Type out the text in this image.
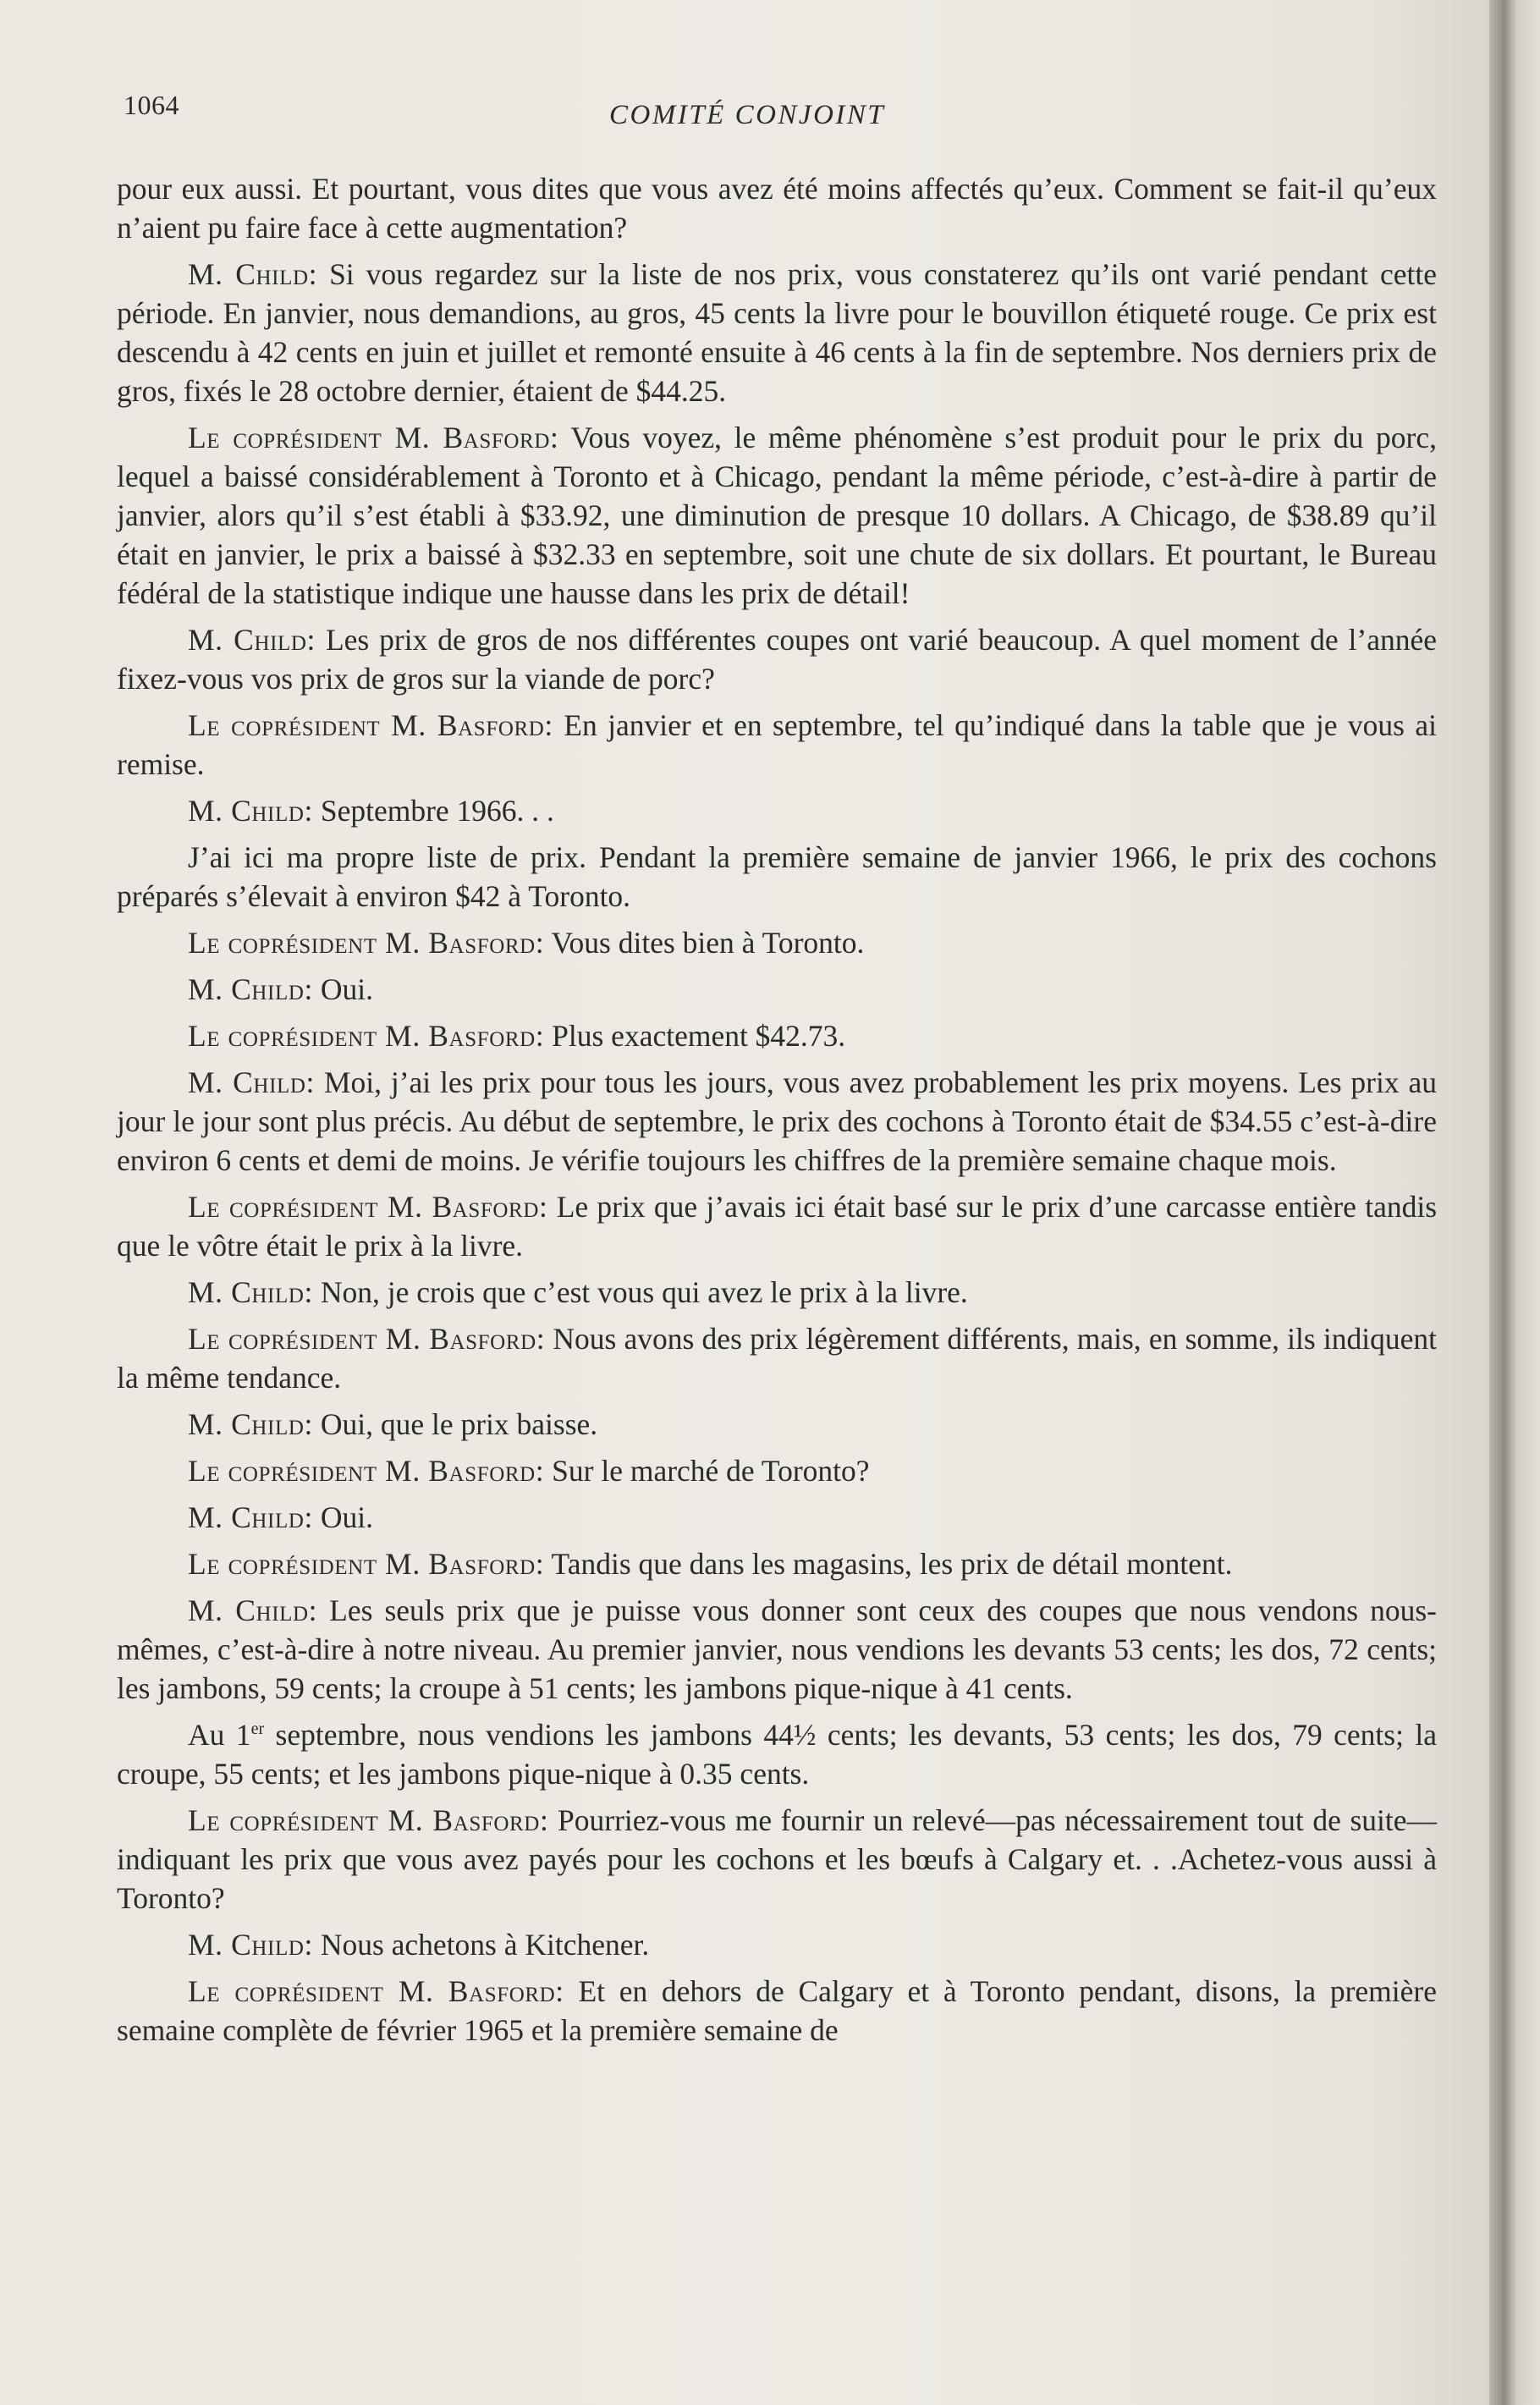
1064	COMITÉ CONJOINT

pour eux aussi. Et pourtant, vous dites que vous avez été moins affectés qu’eux. Comment se fait-il qu’eux n’aient pu faire face à cette augmentation?

M. Child: Si vous regardez sur la liste de nos prix, vous constaterez qu’ils ont varié pendant cette période. En janvier, nous demandions, au gros, 45 cents la livre pour le bouvillon étiqueté rouge. Ce prix est descendu à 42 cents en juin et juillet et remonté ensuite à 46 cents à la fin de septembre. Nos derniers prix de gros, fixés le 28 octobre dernier, étaient de $44.25.

Le coprésident M. Basford: Vous voyez, le même phénomène s’est produit pour le prix du porc, lequel a baissé considérablement à Toronto et à Chicago, pendant la même période, c’est-à-dire à partir de janvier, alors qu’il s’est établi à $33.92, une diminution de presque 10 dollars. A Chicago, de $38.89 qu’il était en janvier, le prix a baissé à $32.33 en septembre, soit une chute de six dollars. Et pourtant, le Bureau fédéral de la statistique indique une hausse dans les prix de détail!

M. Child: Les prix de gros de nos différentes coupes ont varié beaucoup. A quel moment de l’année fixez-vous vos prix de gros sur la viande de porc?

Le coprésident M. Basford: En janvier et en septembre, tel qu’indiqué dans la table que je vous ai remise.

M. Child: Septembre 1966. . .

J’ai ici ma propre liste de prix. Pendant la première semaine de janvier 1966, le prix des cochons préparés s’élevait à environ $42 à Toronto.

Le coprésident M. Basford: Vous dites bien à Toronto.

M. Child: Oui.

Le coprésident M. Basford: Plus exactement $42.73.

M. Child: Moi, j’ai les prix pour tous les jours, vous avez probablement les prix moyens. Les prix au jour le jour sont plus précis. Au début de septembre, le prix des cochons à Toronto était de $34.55 c’est-à-dire environ 6 cents et demi de moins. Je vérifie toujours les chiffres de la première semaine chaque mois.

Le coprésident M. Basford: Le prix que j’avais ici était basé sur le prix d’une carcasse entière tandis que le vôtre était le prix à la livre.

M. Child: Non, je crois que c’est vous qui avez le prix à la livre.

Le coprésident M. Basford: Nous avons des prix légèrement différents, mais, en somme, ils indiquent la même tendance.

M. Child: Oui, que le prix baisse.

Le coprésident M. Basford: Sur le marché de Toronto?

M. Child: Oui.

Le coprésident M. Basford: Tandis que dans les magasins, les prix de détail montent.

M. Child: Les seuls prix que je puisse vous donner sont ceux des coupes que nous vendons nous-mêmes, c’est-à-dire à notre niveau. Au premier janvier, nous vendions les devants 53 cents; les dos, 72 cents; les jambons, 59 cents; la croupe à 51 cents; les jambons pique-nique à 41 cents.

Au 1er septembre, nous vendions les jambons 44½ cents; les devants, 53 cents; les dos, 79 cents; la croupe, 55 cents; et les jambons pique-nique à 0.35 cents.

Le coprésident M. Basford: Pourriez-vous me fournir un relevé—pas nécessairement tout de suite—indiquant les prix que vous avez payés pour les cochons et les bœufs à Calgary et. . .Achetez-vous aussi à Toronto?

M. Child: Nous achetons à Kitchener.

Le coprésident M. Basford: Et en dehors de Calgary et à Toronto pendant, disons, la première semaine complète de février 1965 et la première semaine de
